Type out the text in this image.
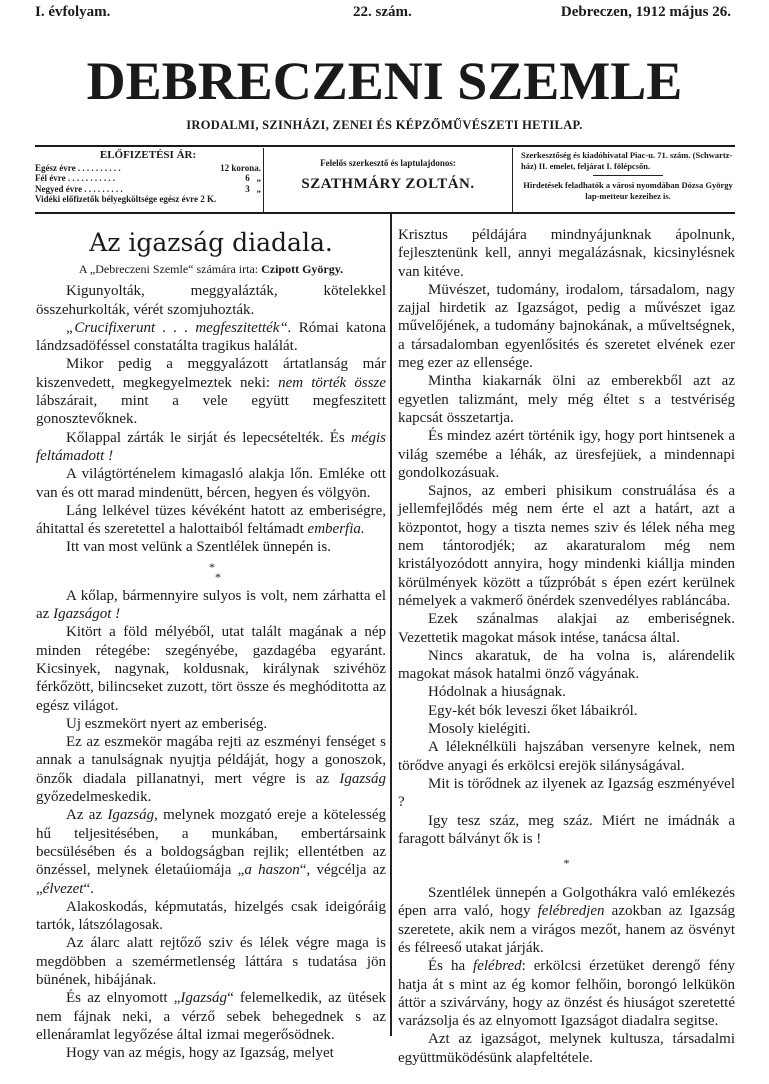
I. évfolyam.	22. szám.	Debreczen, 1912 május 26.
DEBRECZENI SZEMLE
IRODALMI, SZINHÁZI, ZENEI ÉS KÉPZŐMŰVÉSZETI HETILAP.
ELŐFIZETÉSI ÁR:
Egész évre . . . . . . . . . .	12 korona.
Fél évre . . . . . . . . . . .	6   „
Negyed évre . . . . . . . . .	3   „
Vidéki előfizetők bélyegköltsége egész évre 2 K.
Felelős szerkesztő és laptulajdonos:
SZATHMÁRY ZOLTÁN.
Szerkesztőség és kiadóhivatal Piac-u. 71. szám. (Schwartz-ház) II. emelet, feljárat I. fölépcsőn.
Hirdetések feladhatók a városi nyomdában Dózsa György lap-metteur kezeihez is.
Az igazság diadala.
A „Debreczeni Szemle“ számára irta: Czipott György.

Kigunyolták, meggyalázták, kötelekkel összehurkolták, vérét szomjuhozták.

„Crucifixerunt . . . megfeszitették“. Római katona lándzsadöféssel constatálta tragikus halálát.

Mikor pedig a meggyalázott ártatlanság már kiszenvedett, megkegyelmeztek neki: nem törték össze lábszárait, mint a vele együtt megfeszitett gonosztevőknek.

Kőlappal zárták le sirját és lepecsételték. És mégis feltámadott !

A világtörténelem kimagasló alakja lőn. Emléke ott van és ott marad mindenütt, bércen, hegyen és völgyön.

Láng lelkével tüzes kévéként hatott az emberiségre, áhitattal és szeretettel a halottaiból feltámadt emberfia.

Itt van most velünk a Szentlélek ünnepén is.

*
*

A kőlap, bármennyire sulyos is volt, nem zárhatta el az Igazságot !

Kitört a föld mélyéből, utat talált magának a nép minden rétegébe: szegényébe, gazdagéba egyaránt. Kicsinyek, nagynak, koldusnak, királynak szivéhöz férkőzött, bilincseket zuzott, tört össze és meghóditotta az egész világot.

Uj eszmekört nyert az emberiség.

Ez az eszmekör magába rejti az eszményi fenséget s annak a tanulságnak nyujtja példáját, hogy a gonoszok, önzők diadala pillanatnyi, mert végre is az Igazság győzedelmeskedik.

Az az Igazság, melynek mozgató ereje a kötelesség hű teljesitésében, a munkában, embertársaink becsülésében és a boldogságban rejlik; ellentétben az önzéssel, melynek életaúiomája „a haszon“, végcélja az „élvezet“.

Alakoskodás, képmutatás, hizelgés csak ideigóráig tartók, látszólagosak.

Az álarc alatt rejtőző sziv és lélek végre maga is megdöbben a szemérmetlenség láttára s tudatása jön bünének, hibájának.

És az elnyomott „Igazság“ felemelkedik, az ütések nem fájnak neki, a vérző sebek behegednek s az ellenáramlat legyőzése által izmai megerősödnek.

Hogy van az mégis, hogy az Igazság, melyet

Krisztus példájára mindnyájunknak ápolnunk, fejlesztenünk kell, annyi megalázásnak, kicsinylésnek van kitéve.

Müvészet, tudomány, irodalom, társadalom, nagy zajjal hirdetik az Igazságot, pedig a művészet igaz művelőjének, a tudomány bajnokának, a műveltségnek, a társadalomban egyenlősités és szeretet elvének ezer meg ezer az ellensége.

Mintha kiakarnák ölni az emberekből azt az egyetlen talizmánt, mely még éltet s a testvériség kapcsát összetartja.

És mindez azért történik igy, hogy port hintsenek a világ szemébe a léhák, az üresfejüek, a mindennapi gondolkozásuak.

Sajnos, az emberi phisikum construálása és a jellemfejlődés még nem érte el azt a határt, azt a központot, hogy a tiszta nemes sziv és lélek néha meg nem tántorodjék; az akaraturalom még nem kristályozódott annyira, hogy mindenki kiállja minden körülmények között a tűzpróbát s épen ezért kerülnek némelyek a vakmerő önérdek szenvedélyes rabláncába.

Ezek szánalmas alakjai az emberiségnek. Vezettetik magokat mások intése, tanácsa által.

Nincs akaratuk, de ha volna is, alárendelik magokat mások hatalmi önző vágyának.

Hódolnak a hiuságnak.

Egy-két bók leveszi őket lábaikról.

Mosoly kielégiti.

A léleknélküli hajszában versenyre kelnek, nem törődve anyagi és erkölcsi erejök silányságával.

Mit is törődnek az ilyenek az Igazság eszményével ?

Igy tesz száz, meg száz. Miért ne imádnák a faragott bálványt ők is !

*

Szentlélek ünnepén a Golgothákra való emlékezés épen arra való, hogy felébredjen azokban az Igazság szeretete, akik nem a virágos mezőt, hanem az ösvényt és félreeső utakat járják.

És ha felébred: erkölcsi érzetüket derengő fény hatja át s mint az ég komor felhőin, borongó lelkükön áttör a szivárvány, hogy az önzést és hiuságot szeretetté varázsolja és az elnyomott Igazságot diadalra segitse.

Azt az igazságot, melynek kultusza, társadalmi együttmüködésünk alapfeltétele.
